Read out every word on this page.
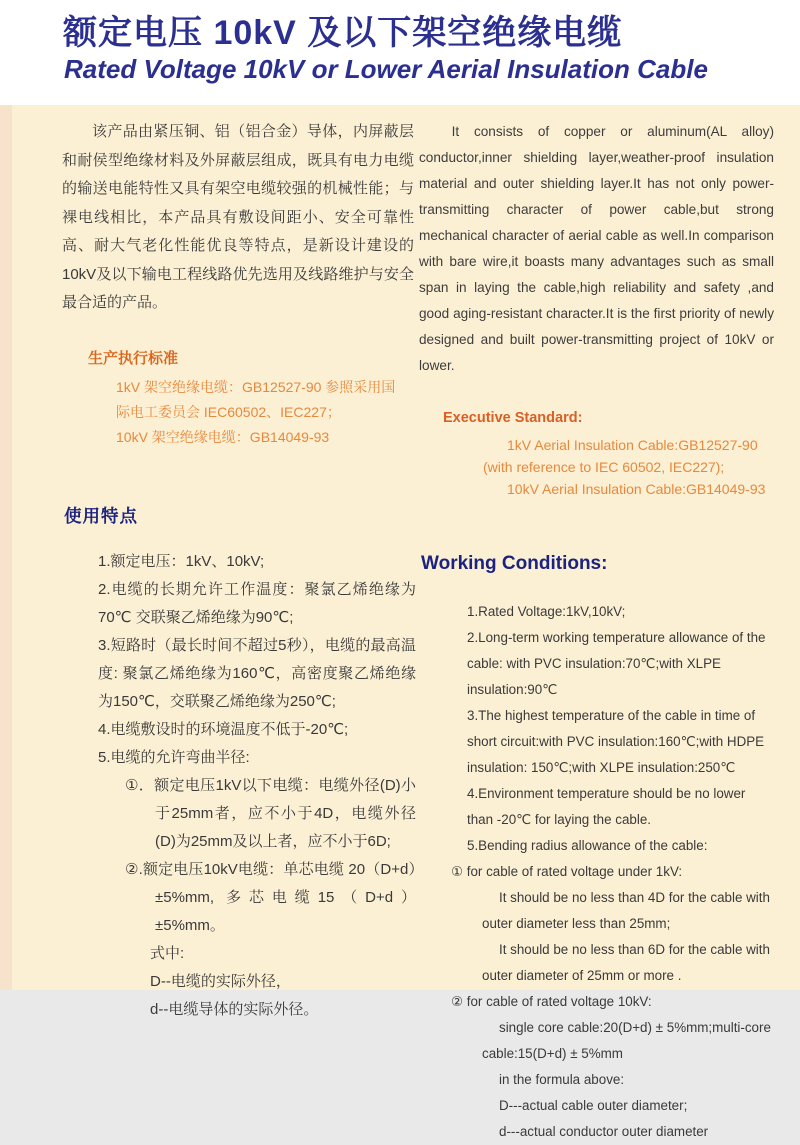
额定电压 10kV 及以下架空绝缘电缆
Rated Voltage 10kV or Lower Aerial Insulation Cable

该产品由紧压铜、铝（铝合金）导体，内屏蔽层和耐侯型绝缘材料及外屏蔽层组成，既具有电力电缆的输送电能特性又具有架空电缆较强的机械性能；与裸电线相比，本产品具有敷设间距小、安全可靠性高、耐大气老化性能优良等特点，是新设计建设的10kV及以下输电工程线路优先选用及线路维护与安全最合适的产品。

生产执行标准
1kV 架空绝缘电缆：GB12527-90 参照采用国际电工委员会 IEC60502、IEC227；
10kV 架空绝缘电缆：GB14049-93
使用特点
1.额定电压：1kV、10kV;
2.电缆的长期允许工作温度：聚氯乙烯绝缘为70℃ 交联聚乙烯绝缘为90℃;
3.短路时（最长时间不超过5秒），电缆的最高温度: 聚氯乙烯绝缘为160℃，高密度聚乙烯绝缘为150℃，交联聚乙烯绝缘为250℃;
4.电缆敷设时的环境温度不低于-20℃;
5.电缆的允许弯曲半径:
①．额定电压1kV以下电缆：电缆外径(D)小于25mm者，应不小于4D，电缆外径(D)为25mm及以上者，应不小于6D;
②.额定电压10kV电缆：单芯电缆 20（D+d）±5%mm, 多芯电缆15（D+d）±5%mm。
式中:
D--电缆的实际外径，
d--电缆导体的实际外径。

It consists of copper or aluminum(AL alloy) conductor,inner shielding layer,weather-proof insulation material and outer shielding layer.It has not only power-transmitting character of power cable,but strong mechanical character of aerial cable as well.In comparison with bare wire,it boasts many advantages such as small span in laying the cable,high reliability and safety ,and good aging-resistant character.It is the first priority of newly designed and built power-transmitting project of 10kV or lower.

Executive Standard:
1kV Aerial Insulation Cable:GB12527-90 (with reference to IEC 60502, IEC227);
10kV Aerial Insulation Cable:GB14049-93
Working Conditions:
1.Rated Voltage:1kV,10kV;
2.Long-term working temperature allowance of the cable: with PVC insulation:70℃;with XLPE insulation:90℃
3.The highest temperature of the cable in time of short circuit:with PVC insulation:160℃;with HDPE insulation: 150℃;with XLPE insulation:250℃
4.Environment temperature should be no lower than -20℃ for laying the cable.
5.Bending radius allowance of the cable:
① for cable of rated voltage under 1kV:
It should be no less than 4D for the cable with outer diameter less than 25mm;
It should be no less than 6D for the cable with outer diameter of 25mm or more .
② for cable of rated voltage 10kV:
single core cable:20(D+d) ± 5%mm;multi-core cable:15(D+d) ± 5%mm
in the formula above:
D---actual cable outer diameter;
d---actual conductor outer diameter
